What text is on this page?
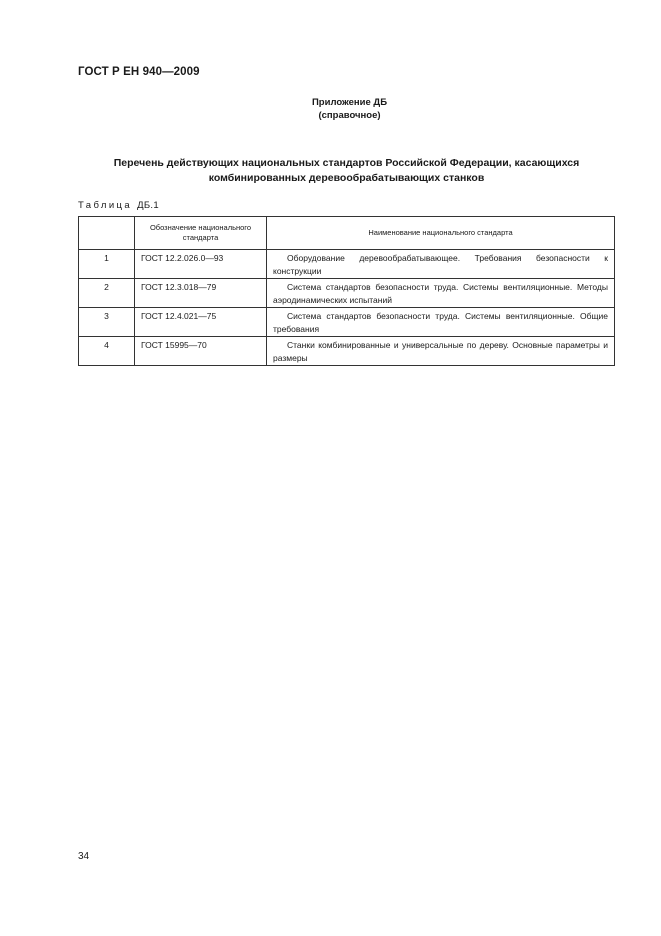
ГОСТ Р ЕН 940—2009
Приложение ДБ
(справочное)
Перечень действующих национальных стандартов Российской Федерации, касающихся
комбинированных деревообрабатывающих станков
Таблица ДБ.1
	Обозначение национального стандарта	Наименование национального стандарта
1	ГОСТ 12.2.026.0—93	Оборудование деревообрабатывающее. Требования безопасности к конструкции
2	ГОСТ 12.3.018—79	Система стандартов безопасности труда. Системы вентиляционные. Методы аэродинамических испытаний
3	ГОСТ 12.4.021—75	Система стандартов безопасности труда. Системы вентиляционные. Общие требования
4	ГОСТ 15995—70	Станки комбинированные и универсальные по дереву. Основные параметры и размеры
34
